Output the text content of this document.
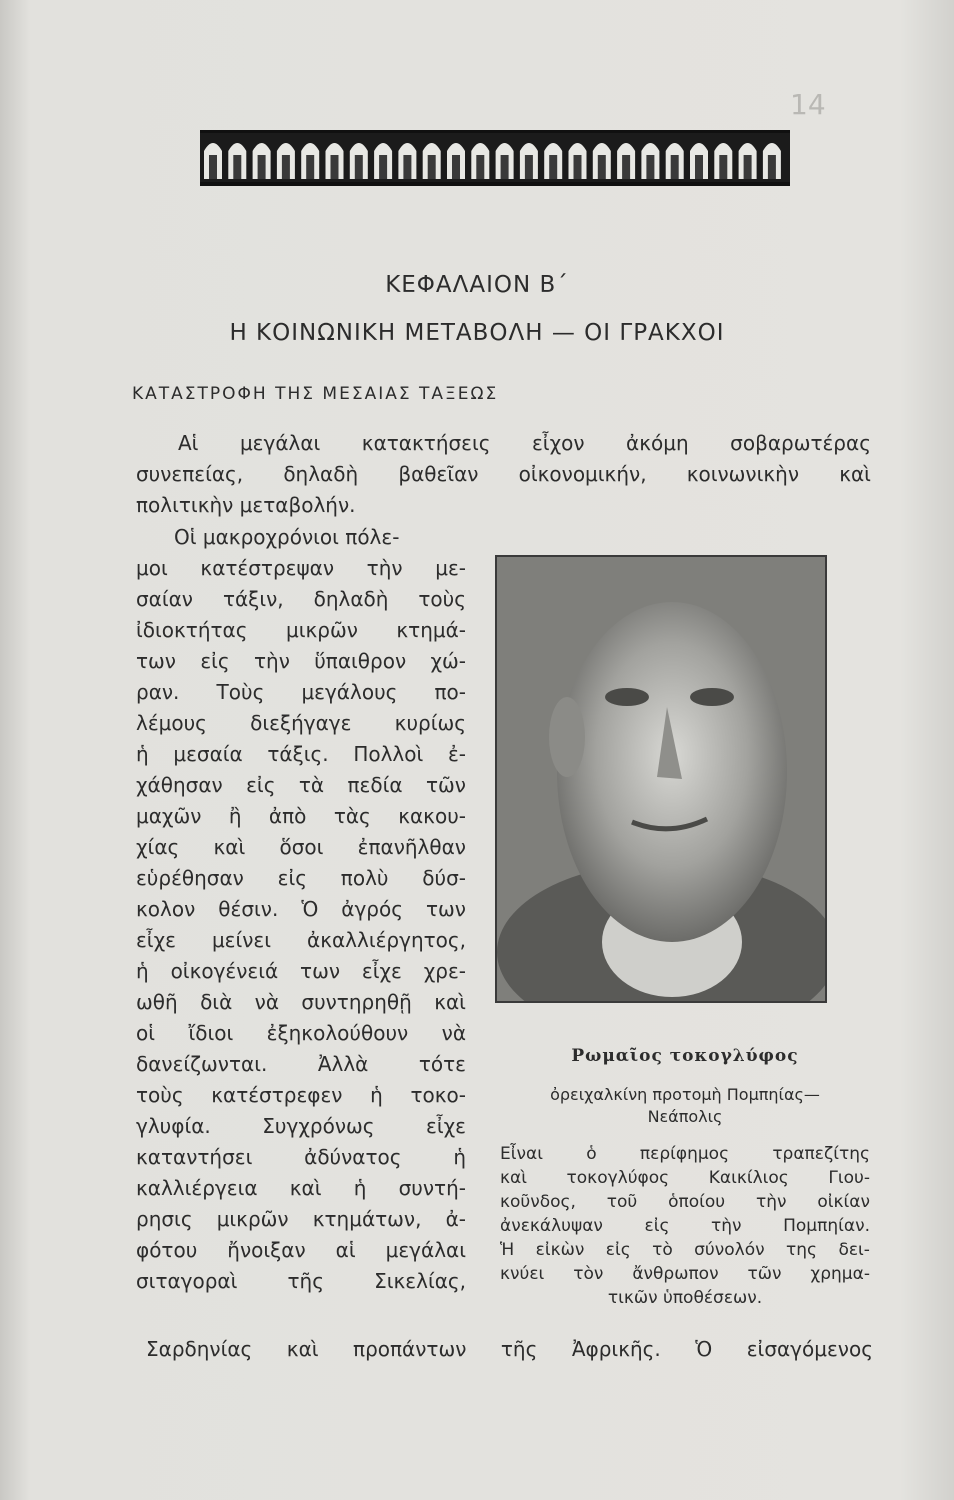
14
ΚΕΦΑΛΑΙΟΝ Β΄
Η ΚΟΙΝΩΝΙΚΗ ΜΕΤΑΒΟΛΗ — ΟΙ ΓΡΑΚΧΟΙ
ΚΑΤΑΣΤΡΟΦΗ ΤΗΣ ΜΕΣΑΙΑΣ ΤΑΞΕΩΣ
Αἱ μεγάλαι κατακτήσεις εἶχον ἀκόμη σοβαρωτέρας
συνεπείας, δηλαδὴ βαθεῖαν οἰκονομικήν, κοινωνικὴν καὶ
πολιτικὴν μεταβολήν.
Οἱ μακροχρόνιοι πόλε-
μοι κατέστρεψαν τὴν με-
σαίαν τάξιν, δηλαδὴ τοὺς
ἰδιοκτήτας μικρῶν κτημά-
των εἰς τὴν ὕπαιθρον χώ-
ραν. Τοὺς μεγάλους πο-
λέμους διεξήγαγε κυρίως
ἡ μεσαία τάξις. Πολλοὶ ἐ-
χάθησαν εἰς τὰ πεδία τῶν
μαχῶν ἢ ἀπὸ τὰς κακου-
χίας καὶ ὅσοι ἐπανῆλθαν
εὑρέθησαν εἰς πολὺ δύσ-
κολον θέσιν. Ὁ ἀγρός των
εἶχε μείνει ἀκαλλιέργητος,
ἡ οἰκογένειά των εἶχε χρε-
ωθῆ διὰ νὰ συντηρηθῇ καὶ
οἱ ἴδιοι ἐξηκολούθουν νὰ
δανείζωνται.	Ἀλλὰ	τότε
τοὺς κατέστρεφεν ἡ τοκο-
γλυφία.	Συγχρόνως	εἶχε
καταντήσει	ἀδύνατος	ἡ
καλλιέργεια καὶ ἡ συντή-
ρησις μικρῶν κτημάτων, ἀ-
φότου ἤνοιξαν αἱ μεγάλαι
σιταγοραὶ	τῆς	Σικελίας,
Ρωμαῖος τοκογλύφος
ὀρειχαλκίνη προτομὴ Πομπηίας—
Νεάπολις
Εἶναι	ὁ	περίφημος	τραπεζίτης
καὶ τοκογλύφος Καικίλιος Γιου-
κοῦνδος, τοῦ ὁποίου τὴν οἰκίαν
ἀνεκάλυψαν εἰς τὴν Πομπηίαν.
Ἡ εἰκὼν εἰς τὸ σύνολόν της δει-
κνύει τὸν ἄνθρωπον τῶν χρημα-
τικῶν ὑποθέσεων.
Σαρδηνίας καὶ προπάντων τῆς Ἀφρικῆς. Ὁ εἰσαγόμενος
